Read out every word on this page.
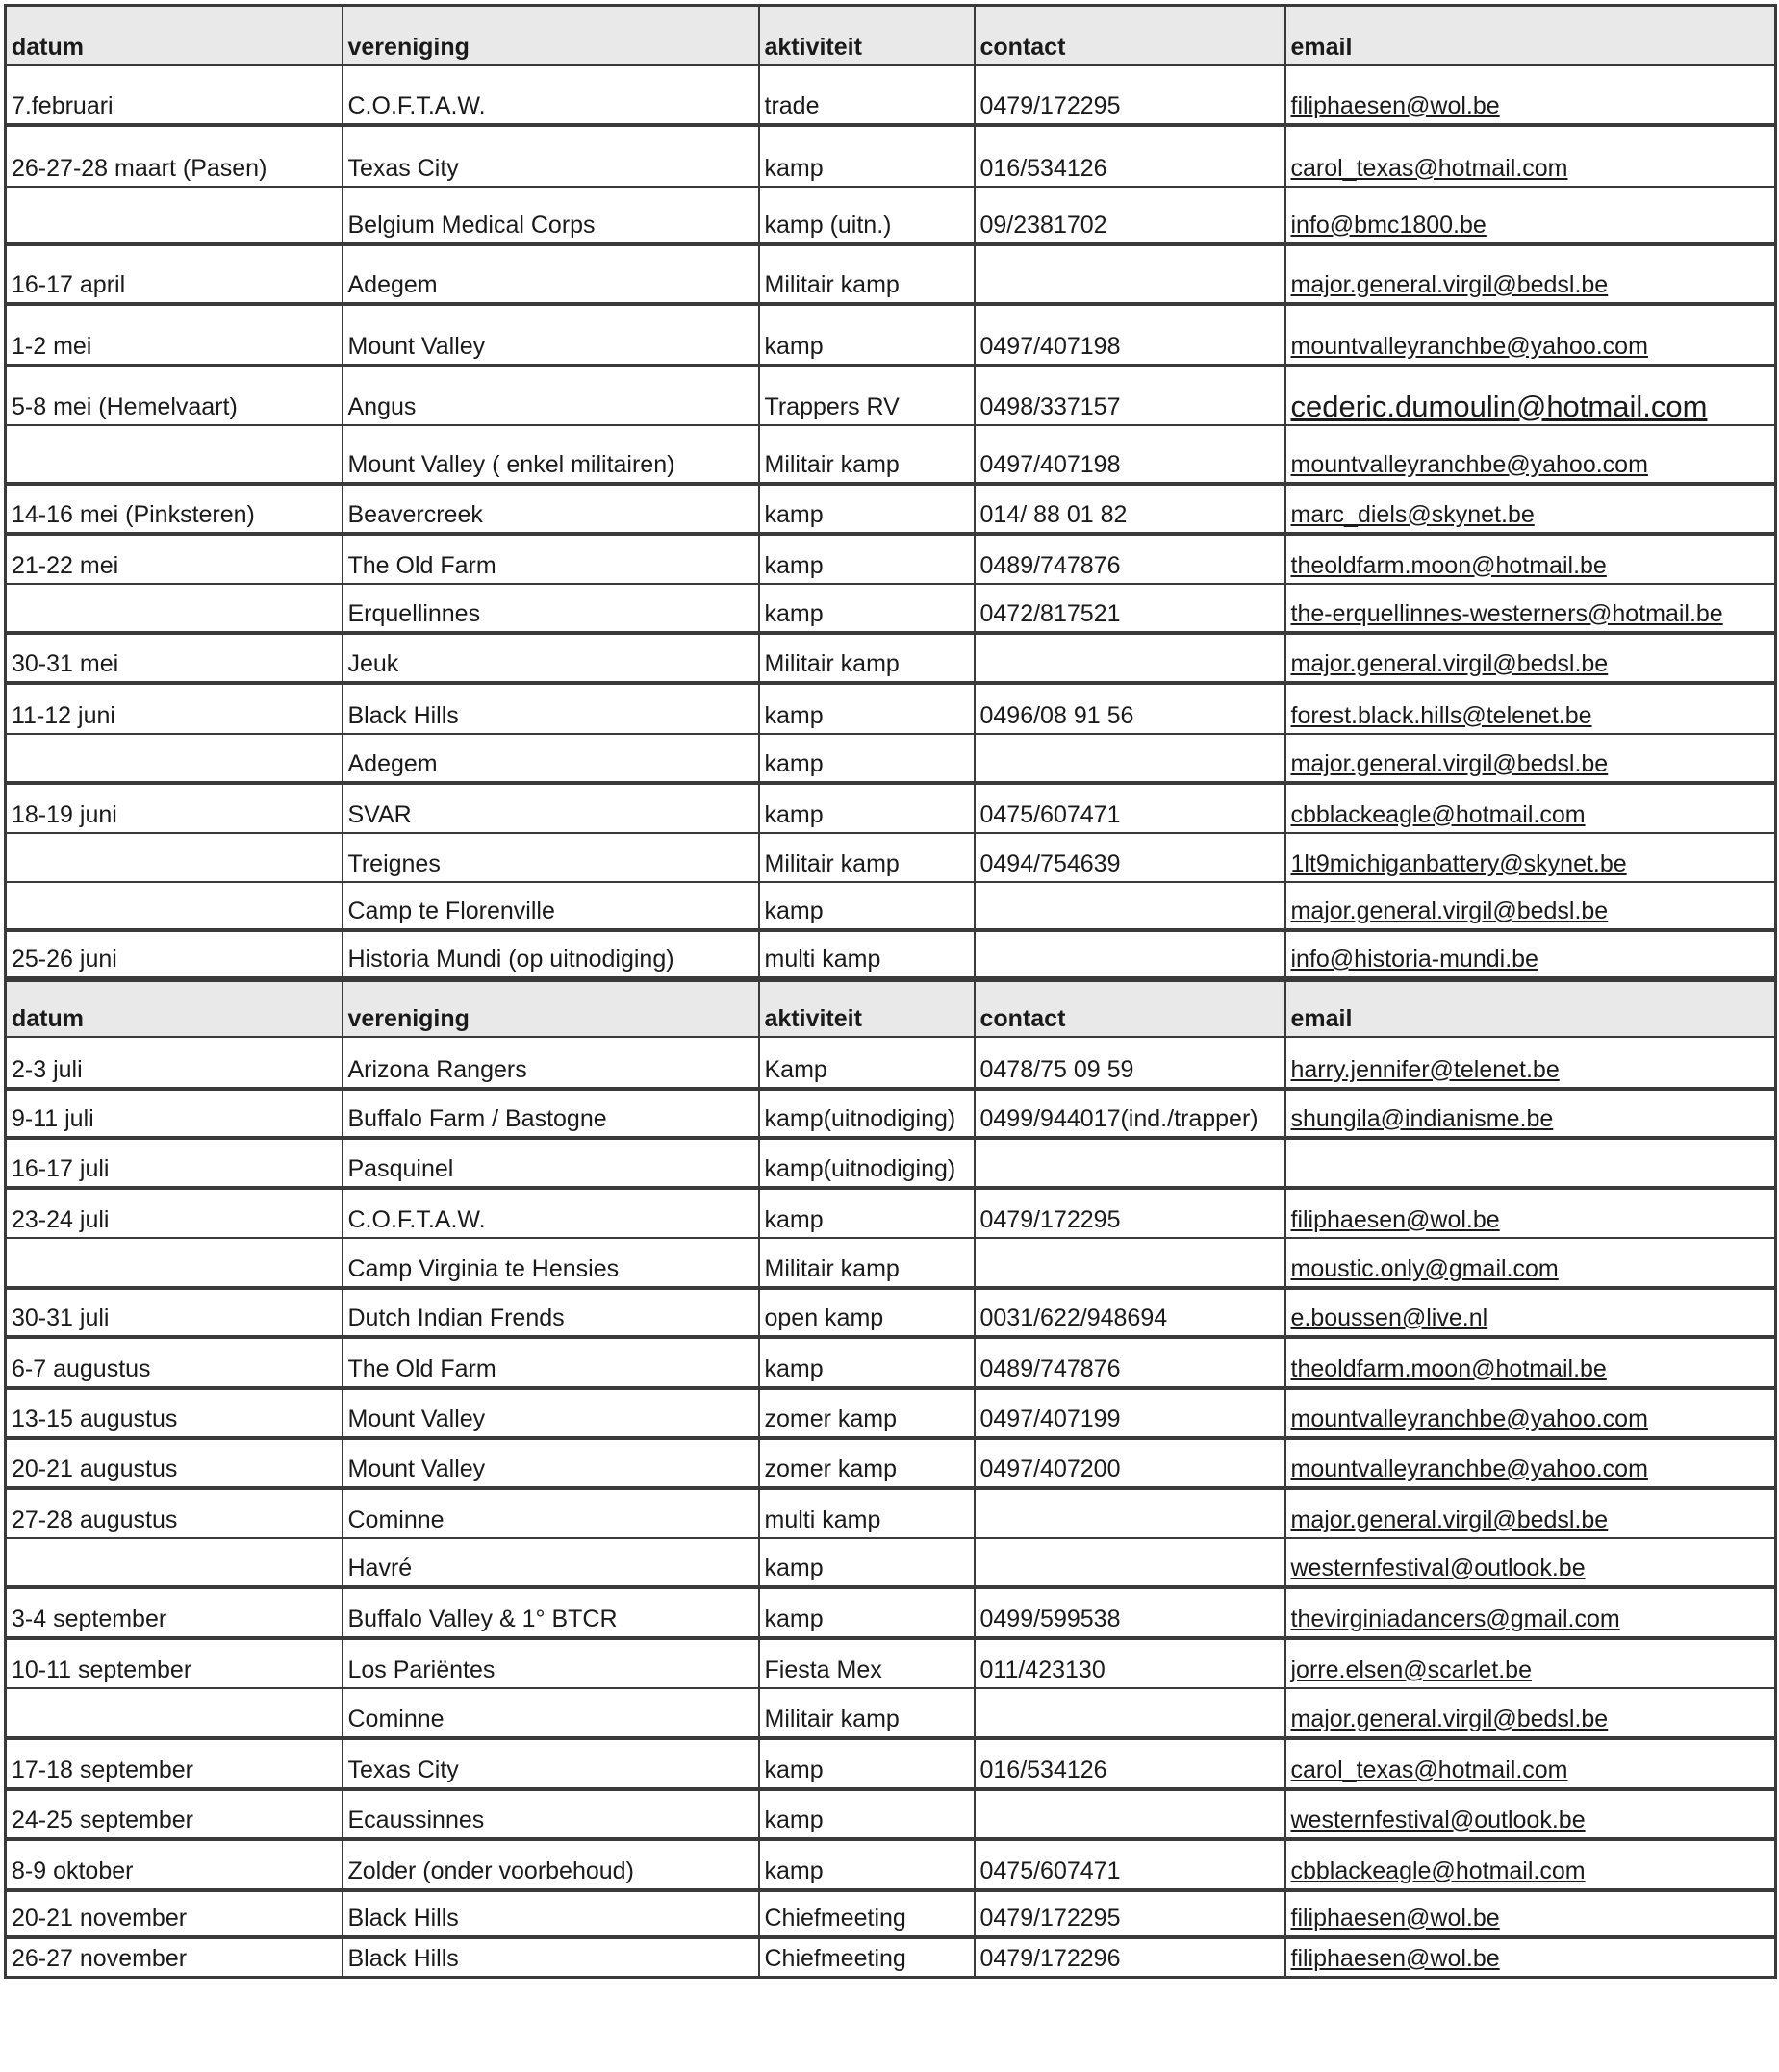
datum	vereniging	aktiviteit	contact	email
7.februari	C.O.F.T.A.W.	trade	0479/172295	filiphaesen@wol.be
26-27-28 maart (Pasen)	Texas City	kamp	016/534126	carol_texas@hotmail.com
	Belgium Medical Corps	kamp (uitn.)	09/2381702	info@bmc1800.be
16-17 april	Adegem	Militair kamp		major.general.virgil@bedsl.be
1-2 mei	Mount Valley	kamp	0497/407198	mountvalleyranchbe@yahoo.com
5-8 mei (Hemelvaart)	Angus	Trappers RV	0498/337157	cederic.dumoulin@hotmail.com
	Mount Valley ( enkel militairen)	Militair kamp	0497/407198	mountvalleyranchbe@yahoo.com
14-16 mei (Pinksteren)	Beavercreek	kamp	014/ 88 01 82	marc_diels@skynet.be
21-22 mei	The Old Farm	kamp	0489/747876	theoldfarm.moon@hotmail.be
	Erquellinnes	kamp	0472/817521	the-erquellinnes-westerners@hotmail.be
30-31 mei	Jeuk	Militair kamp		major.general.virgil@bedsl.be
11-12 juni	Black Hills	kamp	0496/08 91 56	forest.black.hills@telenet.be
	Adegem	kamp		major.general.virgil@bedsl.be
18-19 juni	SVAR	kamp	0475/607471	cbblackeagle@hotmail.com
	Treignes	Militair kamp	0494/754639	1lt9michiganbattery@skynet.be
	Camp te Florenville	kamp		major.general.virgil@bedsl.be
25-26 juni	Historia Mundi (op uitnodiging)	multi kamp		info@historia-mundi.be
datum	vereniging	aktiviteit	contact	email
2-3 juli	Arizona Rangers	Kamp	0478/75 09 59	harry.jennifer@telenet.be
9-11 juli	Buffalo Farm / Bastogne	kamp(uitnodiging)	0499/944017(ind./trapper)	shungila@indianisme.be
16-17 juli	Pasquinel	kamp(uitnodiging)		
23-24 juli	C.O.F.T.A.W.	kamp	0479/172295	filiphaesen@wol.be
	Camp Virginia te Hensies	Militair kamp		moustic.only@gmail.com
30-31 juli	Dutch Indian Frends	open kamp	0031/622/948694	e.boussen@live.nl
6-7 augustus	The Old Farm	kamp	0489/747876	theoldfarm.moon@hotmail.be
13-15 augustus	Mount Valley	zomer kamp	0497/407199	mountvalleyranchbe@yahoo.com
20-21 augustus	Mount Valley	zomer kamp	0497/407200	mountvalleyranchbe@yahoo.com
27-28 augustus	Cominne	multi kamp		major.general.virgil@bedsl.be
	Havré	kamp		westernfestival@outlook.be
3-4 september	Buffalo Valley & 1° BTCR	kamp	0499/599538	thevirginiadancers@gmail.com
10-11 september	Los Pariëntes	Fiesta Mex	011/423130	jorre.elsen@scarlet.be
	Cominne	Militair kamp		major.general.virgil@bedsl.be
17-18 september	Texas City	kamp	016/534126	carol_texas@hotmail.com
24-25 september	Ecaussinnes	kamp		westernfestival@outlook.be
8-9 oktober	Zolder (onder voorbehoud)	kamp	0475/607471	cbblackeagle@hotmail.com
20-21 november	Black Hills	Chiefmeeting	0479/172295	filiphaesen@wol.be
26-27 november	Black Hills	Chiefmeeting	0479/172296	filiphaesen@wol.be
